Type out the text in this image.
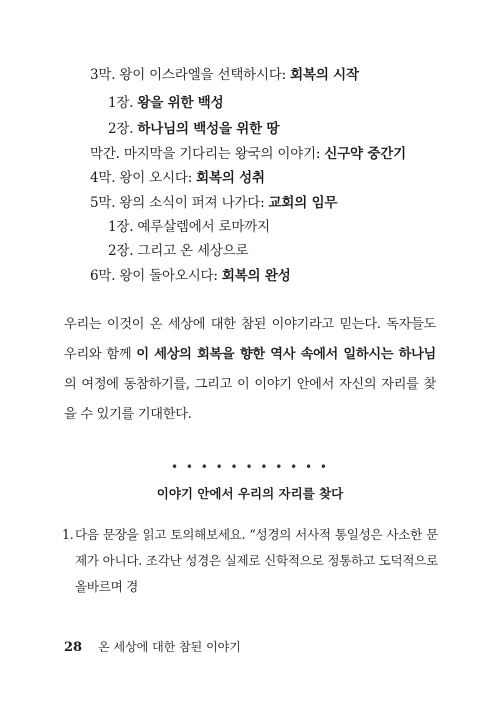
3막. 왕이 이스라엘을 선택하시다: 회복의 시작
1장. 왕을 위한 백성
2장. 하나님의 백성을 위한 땅
막간. 마지막을 기다리는 왕국의 이야기: 신구약 중간기
4막. 왕이 오시다: 회복의 성취
5막. 왕의 소식이 퍼져 나가다: 교회의 임무
1장. 예루살렘에서 로마까지
2장. 그리고 온 세상으로
6막. 왕이 돌아오시다: 회복의 완성
우리는 이것이 온 세상에 대한 참된 이야기라고 믿는다. 독자들도 우리와 함께 이 세상의 회복을 향한 역사 속에서 일하시는 하나님의 여정에 동참하기를, 그리고 이 이야기 안에서 자신의 자리를 찾을 수 있기를 기대한다.
• • • • • • • • • • •
이야기 안에서 우리의 자리를 찾다
1. 다음 문장을 읽고 토의해보세요. “성경의 서사적 통일성은 사소한 문제가 아니다. 조각난 성경은 실제로 신학적으로 정통하고 도덕적으로 올바르며 경
28 온 세상에 대한 참된 이야기
